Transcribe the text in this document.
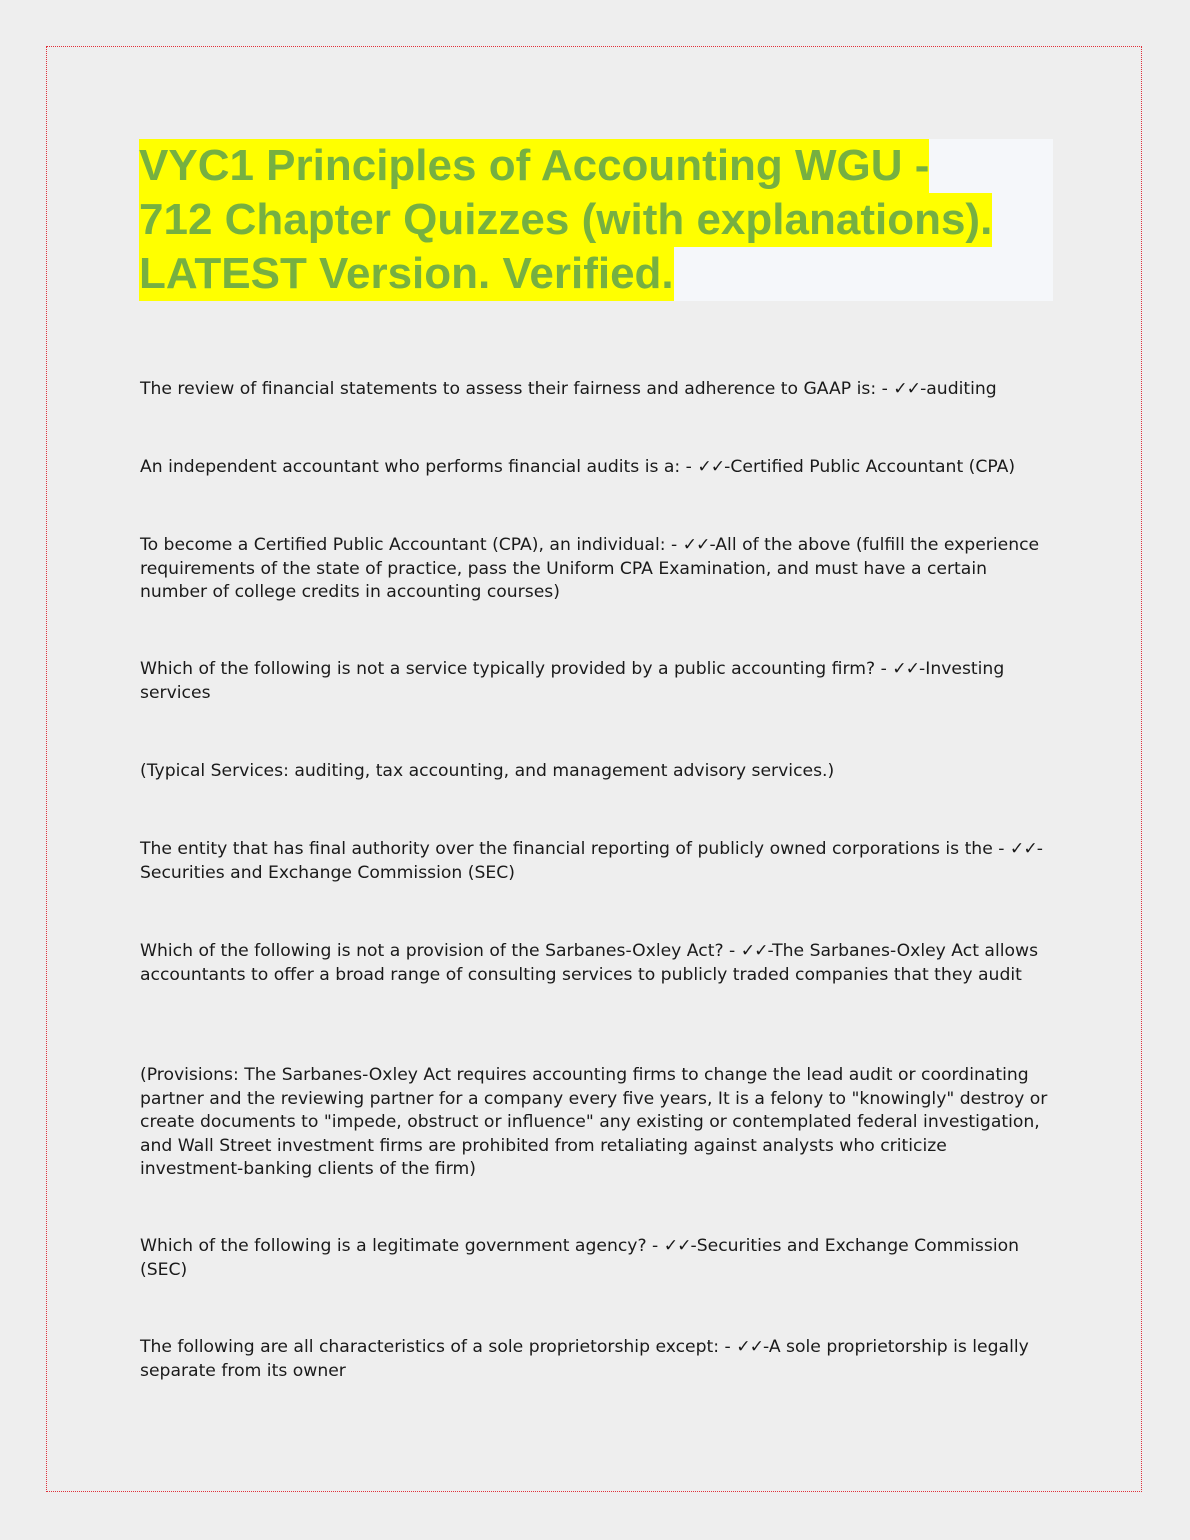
VYC1 Principles of Accounting WGU -
712 Chapter Quizzes (with explanations).
LATEST Version. Verified.

The review of financial statements to assess their fairness and adherence to GAAP is: - ✓✓-auditing

An independent accountant who performs financial audits is a: - ✓✓-Certified Public Accountant (CPA)

To become a Certified Public Accountant (CPA), an individual: - ✓✓-All of the above (fulfill the experience requirements of the state of practice, pass the Uniform CPA Examination, and must have a certain number of college credits in accounting courses)

Which of the following is not a service typically provided by a public accounting firm? - ✓✓-Investing services

(Typical Services: auditing, tax accounting, and management advisory services.)

The entity that has final authority over the financial reporting of publicly owned corporations is the - ✓✓-Securities and Exchange Commission (SEC)

Which of the following is not a provision of the Sarbanes-Oxley Act? - ✓✓-The Sarbanes-Oxley Act allows accountants to offer a broad range of consulting services to publicly traded companies that they audit

(Provisions: The Sarbanes-Oxley Act requires accounting firms to change the lead audit or coordinating partner and the reviewing partner for a company every five years, It is a felony to "knowingly" destroy or create documents to "impede, obstruct or influence" any existing or contemplated federal investigation, and Wall Street investment firms are prohibited from retaliating against analysts who criticize investment-banking clients of the firm)

Which of the following is a legitimate government agency? - ✓✓-Securities and Exchange Commission (SEC)

The following are all characteristics of a sole proprietorship except: - ✓✓-A sole proprietorship is legally separate from its owner
